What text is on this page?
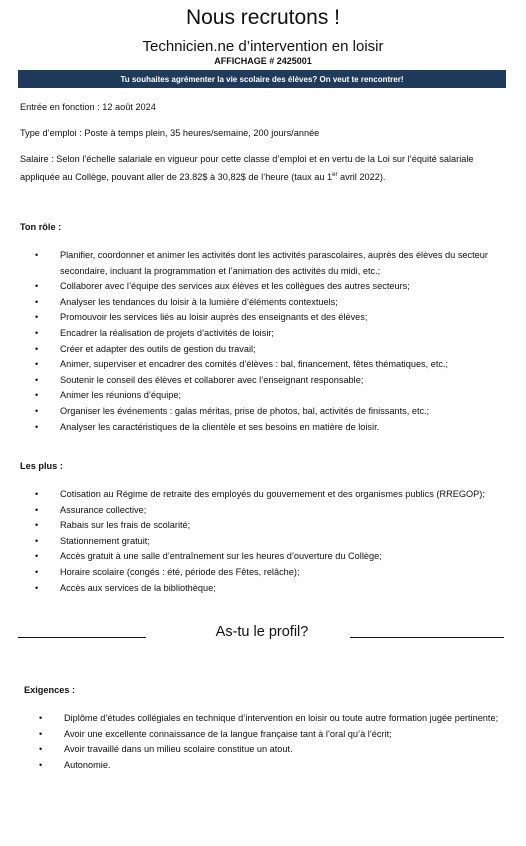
Nous recrutons !
Technicien.ne d’intervention en loisir
AFFICHAGE # 2425001
Tu souhaites agrémenter la vie scolaire des élèves? On veut te rencontrer!

Entrée en fonction : 12 août 2024

Type d’emploi : Poste à temps plein, 35 heures/semaine, 200 jours/année

Salaire : Selon l’échelle salariale en vigueur pour cette classe d’emploi et en vertu de la Loi sur l’équité salariale appliquée au Collège, pouvant aller de 23.82$ à 30,82$ de l’heure (taux au 1er avril 2022).

Ton rôle :
• Planifier, coordonner et animer les activités dont les activités parascolaires, auprès des élèves du secteur secondaire, incluant la programmation et l’animation des activités du midi, etc.;
• Collaborer avec l’équipe des services aux élèves et les collègues des autres secteurs;
• Analyser les tendances du loisir à la lumière d’éléments contextuels;
• Promouvoir les services liés au loisir auprès des enseignants et des élèves;
• Encadrer la réalisation de projets d’activités de loisir;
• Créer et adapter des outils de gestion du travail;
• Animer, superviser et encadrer des comités d’élèves : bal, financement, fêtes thématiques, etc.;
• Soutenir le conseil des élèves et collaborer avec l’enseignant responsable;
• Animer les réunions d’équipe;
• Organiser les événements : galas méritas, prise de photos, bal, activités de finissants, etc.;
• Analyser les caractéristiques de la clientèle et ses besoins en matière de loisir.
Les plus :
• Cotisation au Régime de retraite des employés du gouvernement et des organismes publics (RREGOP);
• Assurance collective;
• Rabais sur les frais de scolarité;
• Stationnement gratuit;
• Accès gratuit à une salle d’entraînement sur les heures d’ouverture du Collège;
• Horaire scolaire (congés : été, période des Fêtes, relâche);
• Accès aux services de la bibliothèque;
As-tu le profil?
Exigences :
• Diplôme d’études collégiales en technique d’intervention en loisir ou toute autre formation jugée pertinente;
• Avoir une excellente connaissance de la langue française tant à l’oral qu’à l’écrit;
• Avoir travaillé dans un milieu scolaire constitue un atout.
• Autonomie.
